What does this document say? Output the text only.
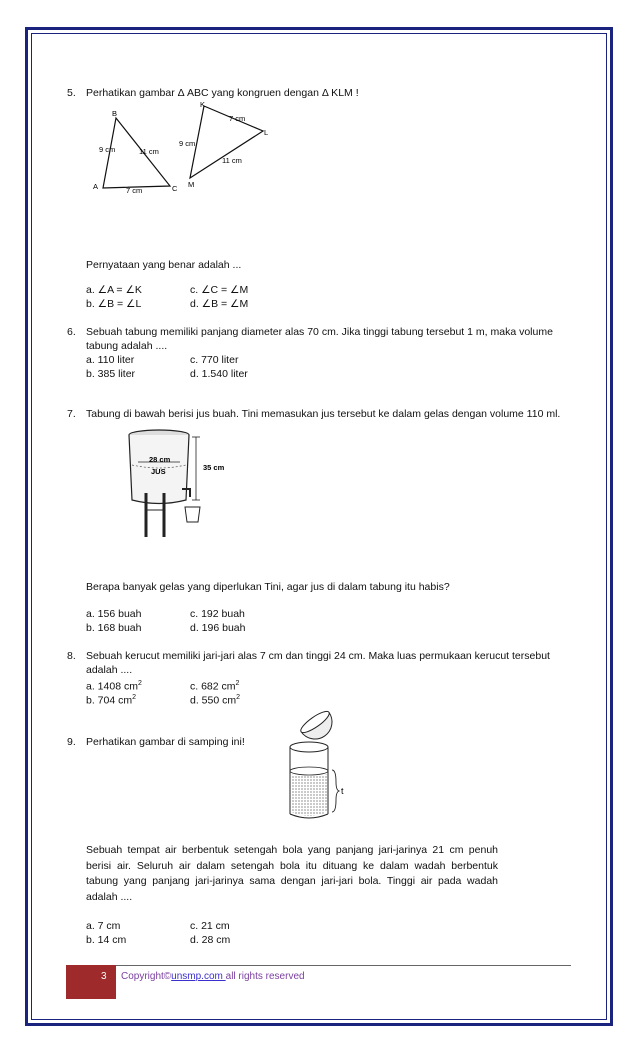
5. Perhatikan gambar Δ ABC yang kongruen dengan Δ KLM !
B
A	C
9 cm	11 cm
7 cm
K
L
M
7 cm
9 cm
11 cm
Pernyataan yang benar adalah ...
a. ∠A = ∠K	c. ∠C = ∠M
b. ∠B = ∠L	d. ∠B = ∠M
6. Sebuah tabung memiliki panjang diameter alas 70 cm. Jika tinggi tabung tersebut 1 m, maka volume
tabung adalah ....
a. 110 liter	c. 770 liter
b. 385 liter	d. 1.540 liter
7. Tabung di bawah berisi jus buah. Tini memasukan jus tersebut ke dalam gelas dengan volume 110 ml.
28 cm
JUS	35 cm
Berapa banyak gelas yang diperlukan Tini, agar jus di dalam tabung itu habis?
a. 156 buah	c. 192 buah
b. 168 buah	d. 196 buah
8. Sebuah kerucut memiliki jari-jari alas 7 cm dan tinggi 24 cm. Maka luas permukaan kerucut tersebut
adalah ....
a. 1408 $cm^2$	c. 682 $cm^2$
b. 704 $cm^2$	d. 550 $cm^2$
9. Perhatikan gambar di samping ini!
t
Sebuah tempat air berbentuk setengah bola yang panjang jari-jarinya 21 cm penuh
berisi air. Seluruh air dalam setengah bola itu dituang ke dalam wadah berbentuk
tabung yang panjang jari-jarinya sama dengan jari-jari bola. Tinggi air pada wadah
adalah ....
a. 7 cm	c. 21 cm
b. 14 cm	d. 28 cm
3 Copyright©unsmp.com all rights reserved
